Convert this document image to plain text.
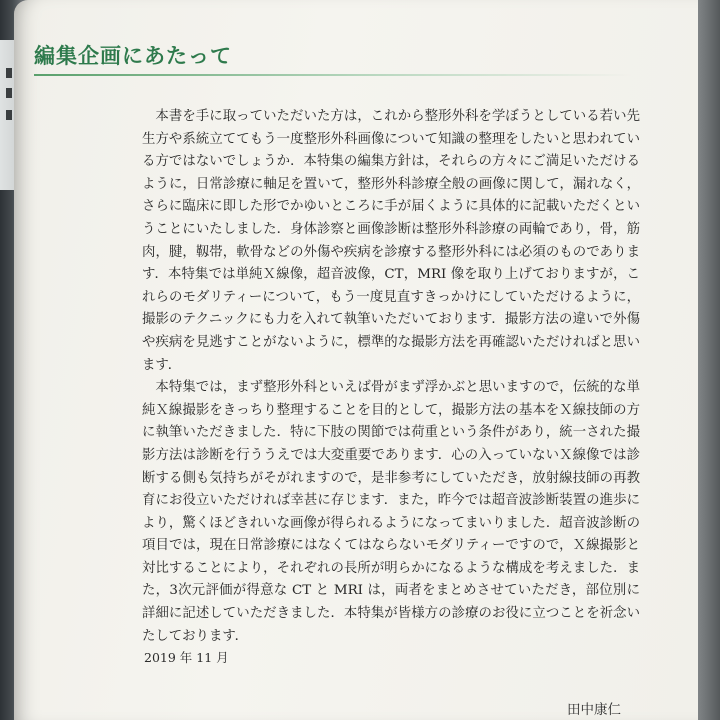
編集企画にあたって

本書を手に取っていただいた方は，これから整形外科を学ぼうとしている若い先生方や系統立ててもう一度整形外科画像について知識の整理をしたいと思われている方ではないでしょうか．本特集の編集方針は，それらの方々にご満足いただけるように，日常診療に軸足を置いて，整形外科診療全般の画像に関して，漏れなく，さらに臨床に即した形でかゆいところに手が届くように具体的に記載いただくということにいたしました．身体診察と画像診断は整形外科診療の両輪であり，骨，筋肉，腱，靱帯，軟骨などの外傷や疾病を診療する整形外科には必須のものであります．本特集では単純Ｘ線像，超音波像，CT，MRI 像を取り上げておりますが，これらのモダリティーについて，もう一度見直すきっかけにしていただけるように，撮影のテクニックにも力を入れて執筆いただいております．撮影方法の違いで外傷や疾病を見逃すことがないように，標準的な撮影方法を再確認いただければと思います．

本特集では，まず整形外科といえば骨がまず浮かぶと思いますので，伝統的な単純Ｘ線撮影をきっちり整理することを目的として，撮影方法の基本をＸ線技師の方に執筆いただきました．特に下肢の関節では荷重という条件があり，統一された撮影方法は診断を行ううえでは大変重要であります．心の入っていないＸ線像では診断する側も気持ちがそがれますので，是非参考にしていただき，放射線技師の再教育にお役立いただければ幸甚に存じます．また，昨今では超音波診断装置の進歩により，驚くほどきれいな画像が得られるようになってまいりました．超音波診断の項目では，現在日常診療にはなくてはならないモダリティーですので，Ｘ線撮影と対比することにより，それぞれの長所が明らかになるような構成を考えました．また，3次元評価が得意な CT と MRI は，両者をまとめさせていただき，部位別に詳細に記述していただきました．本特集が皆様方の診療のお役に立つことを祈念いたしております．

2019 年 11 月
田中康仁
